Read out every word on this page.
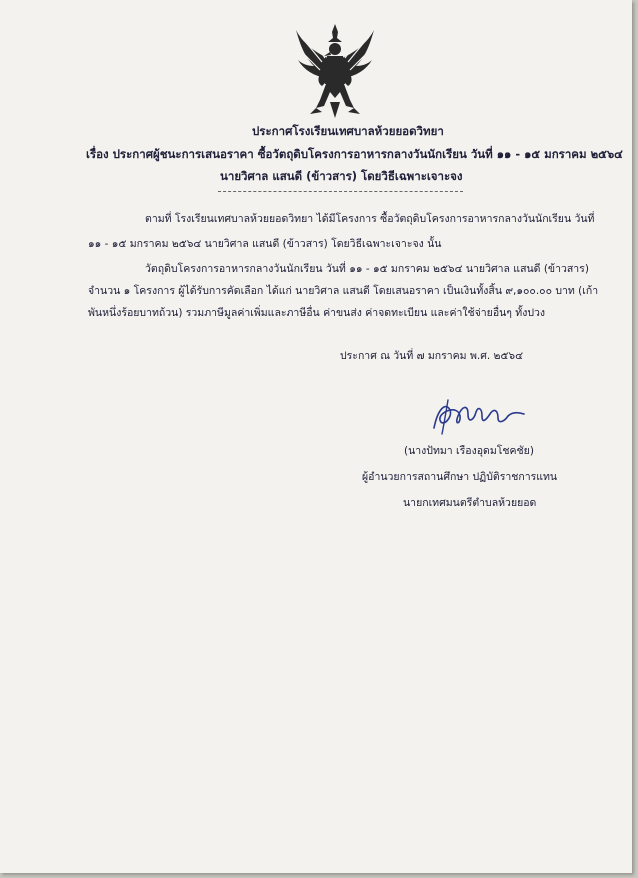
ประกาศโรงเรียนเทศบาลห้วยยอดวิทยา
เรื่อง ประกาศผู้ชนะการเสนอราคา ซื้อวัตถุดิบโครงการอาหารกลางวันนักเรียน วันที่ ๑๑ - ๑๕ มกราคม ๒๕๖๔
นายวิศาล แสนดี (ข้าวสาร) โดยวิธีเฉพาะเจาะจง
ตามที่ โรงเรียนเทศบาลห้วยยอดวิทยา ได้มีโครงการ ซื้อวัตถุดิบโครงการอาหารกลางวันนักเรียน วันที่
๑๑ - ๑๕ มกราคม ๒๕๖๔ นายวิศาล แสนดี (ข้าวสาร) โดยวิธีเฉพาะเจาะจง นั้น
วัตถุดิบโครงการอาหารกลางวันนักเรียน วันที่ ๑๑ - ๑๕ มกราคม ๒๕๖๔ นายวิศาล แสนดี (ข้าวสาร)
จำนวน ๑ โครงการ ผู้ได้รับการคัดเลือก ได้แก่ นายวิศาล แสนดี โดยเสนอราคา เป็นเงินทั้งสิ้น ๙,๑๐๐.๐๐ บาท (เก้า
พันหนึ่งร้อยบาทถ้วน) รวมภาษีมูลค่าเพิ่มและภาษีอื่น ค่าขนส่ง ค่าจดทะเบียน และค่าใช้จ่ายอื่นๆ ทั้งปวง
ประกาศ ณ วันที่ ๗ มกราคม พ.ศ. ๒๕๖๔
(นางปัทมา เรืองอุดมโชคชัย)
ผู้อำนวยการสถานศึกษา ปฏิบัติราชการแทน
นายกเทศมนตรีตำบลห้วยยอด
